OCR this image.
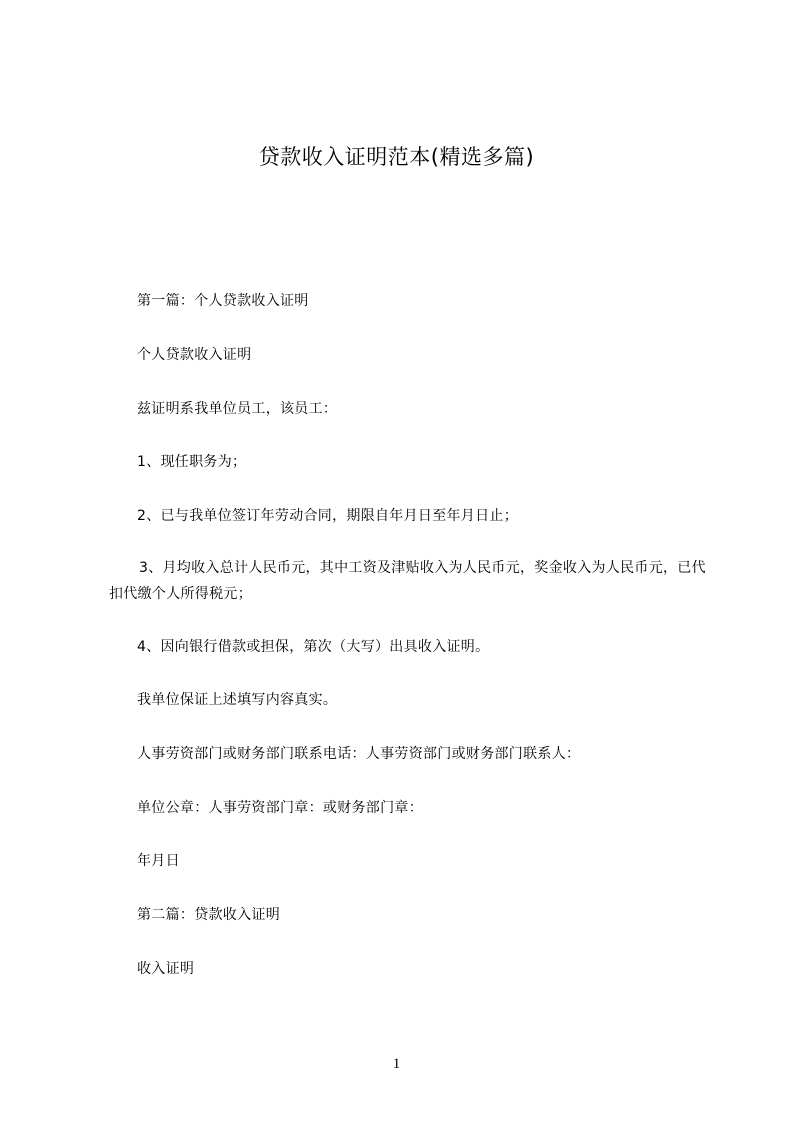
贷款收入证明范本(精选多篇)
第一篇：个人贷款收入证明
个人贷款收入证明
兹证明系我单位员工，该员工：
1、现任职务为；
2、已与我单位签订年劳动合同，期限自年月日至年月日止；
3、月均收入总计人民币元，其中工资及津贴收入为人民币元，奖金收入为人民币元，已代扣代缴个人所得税元；
4、因向银行借款或担保，第次（大写）出具收入证明。
我单位保证上述填写内容真实。
人事劳资部门或财务部门联系电话：人事劳资部门或财务部门联系人：
单位公章：人事劳资部门章：或财务部门章：
年月日
第二篇：贷款收入证明
收入证明
1
